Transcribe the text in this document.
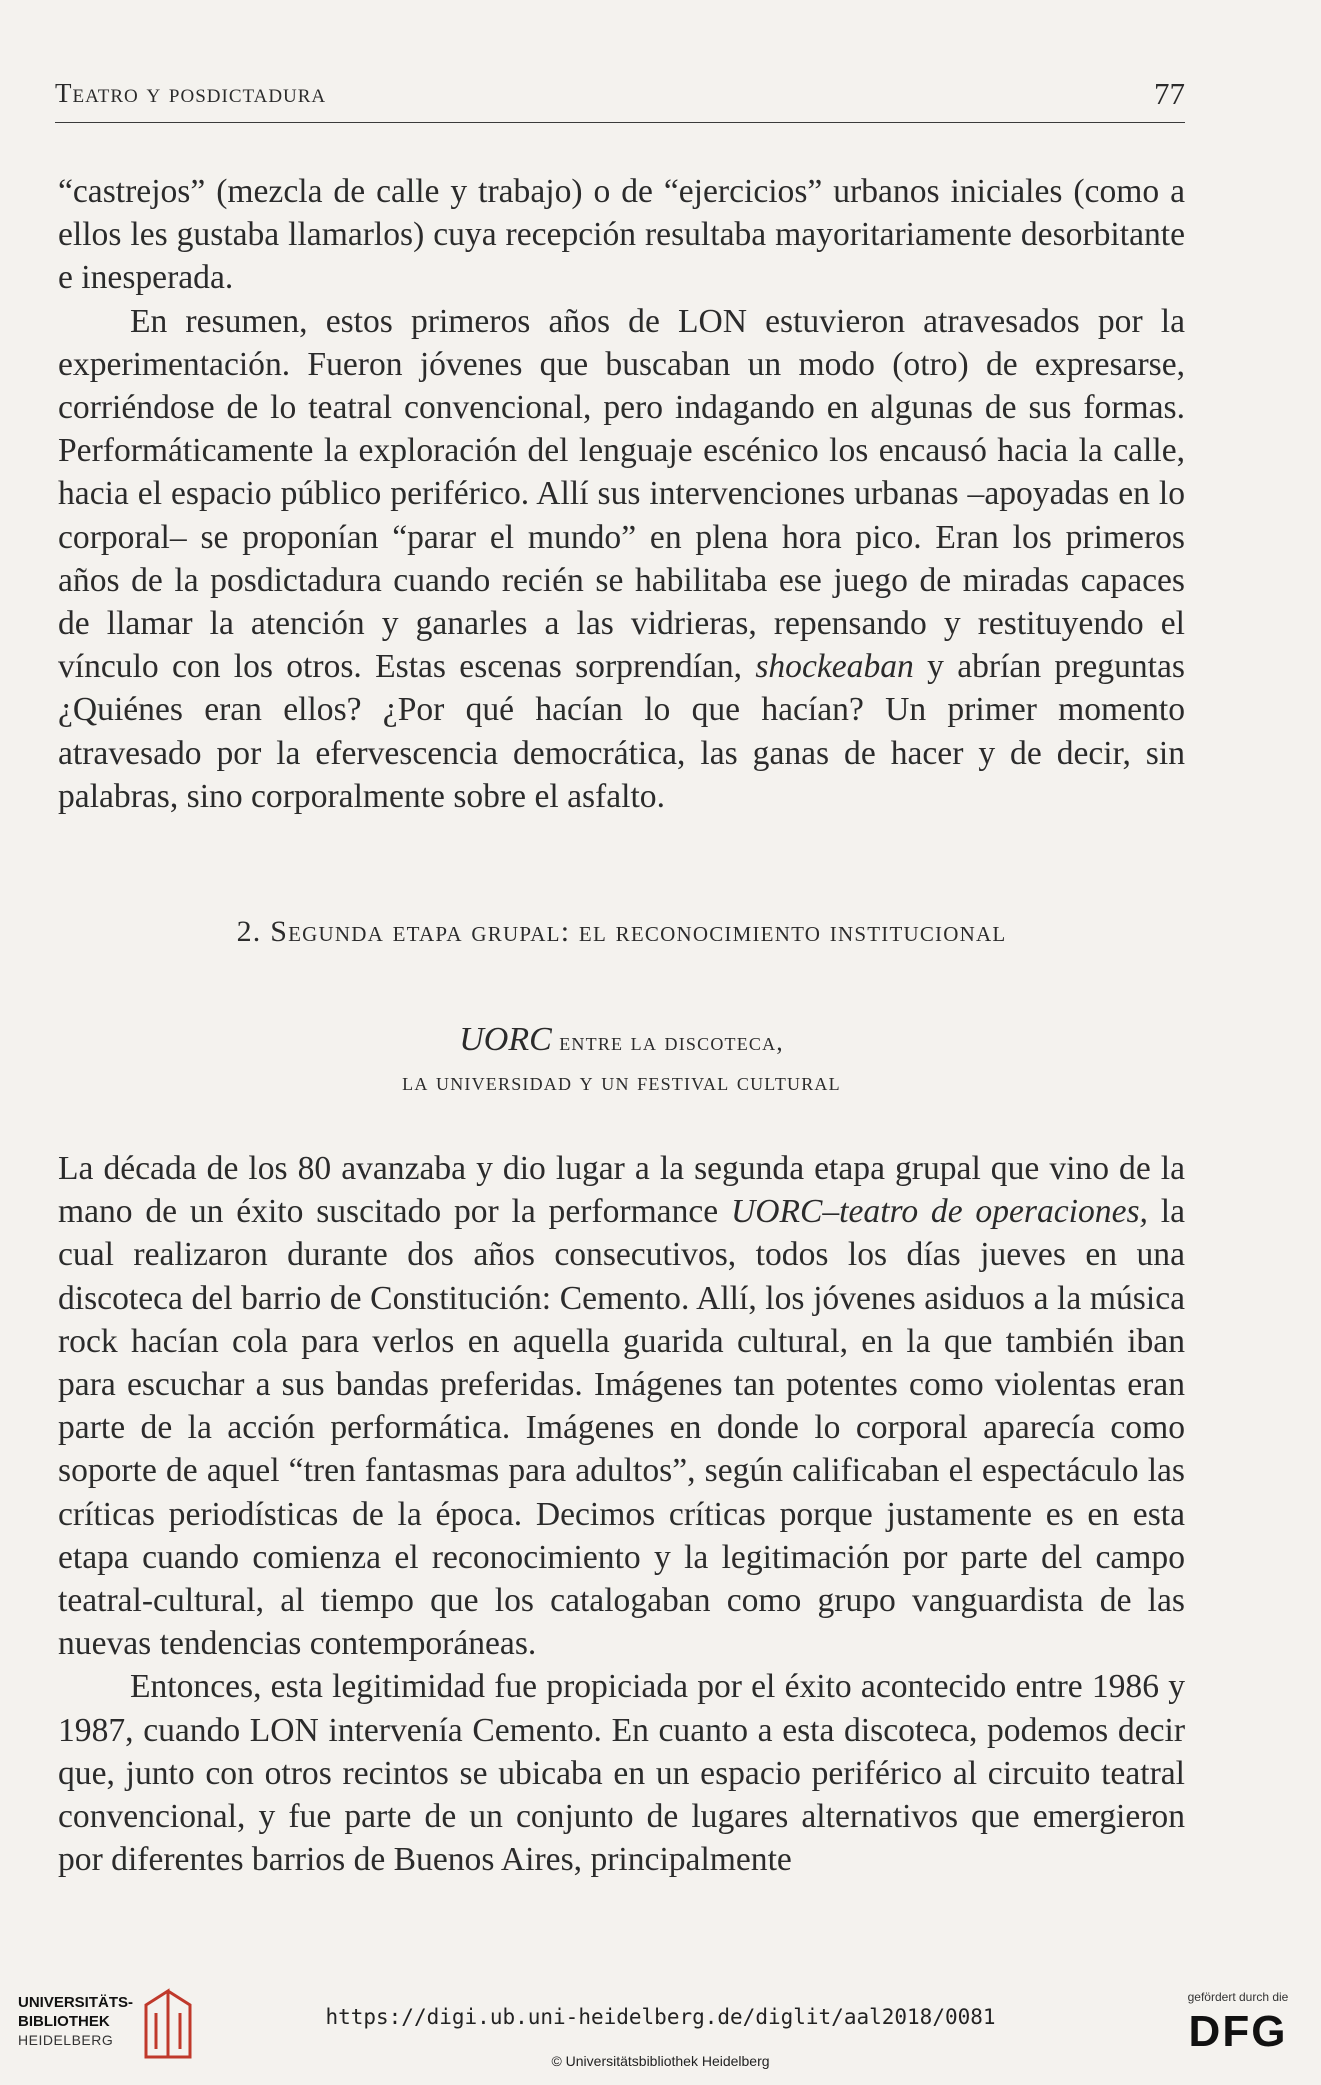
Teatro y posdictadura	77

“castrejos” (mezcla de calle y trabajo) o de “ejercicios” urbanos iniciales (como a ellos les gustaba llamarlos) cuya recepción resultaba mayoritariamente desorbitante e inesperada.

En resumen, estos primeros años de LON estuvieron atravesados por la experimentación. Fueron jóvenes que buscaban un modo (otro) de expresarse, corriéndose de lo teatral convencional, pero indagando en algunas de sus formas. Performáticamente la exploración del lenguaje escénico los encausó hacia la calle, hacia el espacio público periférico. Allí sus intervenciones urbanas –apoyadas en lo corporal– se proponían “parar el mundo” en plena hora pico. Eran los primeros años de la posdictadura cuando recién se habilitaba ese juego de miradas capaces de llamar la atención y ganarles a las vidrieras, repensando y restituyendo el vínculo con los otros. Estas escenas sorprendían, shockeaban y abrían preguntas ¿Quiénes eran ellos? ¿Por qué hacían lo que hacían? Un primer momento atravesado por la efervescencia democrática, las ganas de hacer y de decir, sin palabras, sino corporalmente sobre el asfalto.

2. Segunda etapa grupal: el reconocimiento institucional
UORC entre la discoteca,
la universidad y un festival cultural

La década de los 80 avanzaba y dio lugar a la segunda etapa grupal que vino de la mano de un éxito suscitado por la performance UORC–teatro de operaciones, la cual realizaron durante dos años consecutivos, todos los días jueves en una discoteca del barrio de Constitución: Cemento. Allí, los jóvenes asiduos a la música rock hacían cola para verlos en aquella guarida cultural, en la que también iban para escuchar a sus bandas preferidas. Imágenes tan potentes como violentas eran parte de la acción performática. Imágenes en donde lo corporal aparecía como soporte de aquel “tren fantasmas para adultos”, según calificaban el espectáculo las críticas periodísticas de la época. Decimos críticas porque justamente es en esta etapa cuando comienza el reconocimiento y la legitimación por parte del campo teatral-cultural, al tiempo que los catalogaban como grupo vanguardista de las nuevas tendencias contemporáneas.

Entonces, esta legitimidad fue propiciada por el éxito acontecido entre 1986 y 1987, cuando LON intervenía Cemento. En cuanto a esta discoteca, podemos decir que, junto con otros recintos se ubicaba en un espacio periférico al circuito teatral convencional, y fue parte de un conjunto de lugares alternativos que emergieron por diferentes barrios de Buenos Aires, principalmente

UNIVERSITÄTS-
BIBLIOTHEK
HEIDELBERG
https://digi.ub.uni-heidelberg.de/diglit/aal2018/0081
© Universitätsbibliothek Heidelberg
gefördert durch die
DFG
